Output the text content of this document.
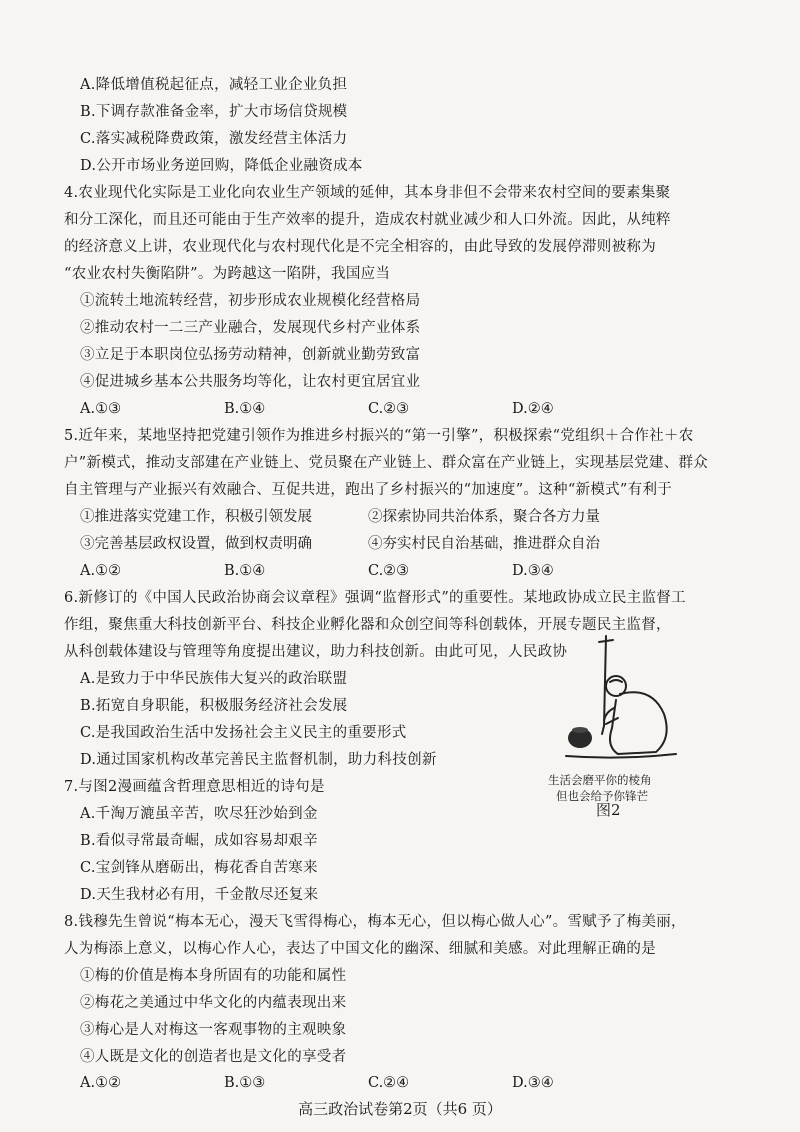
A.降低增值税起征点，减轻工业企业负担
B.下调存款准备金率，扩大市场信贷规模
C.落实减税降费政策，激发经营主体活力
D.公开市场业务逆回购，降低企业融资成本
4.农业现代化实际是工业化向农业生产领域的延伸，其本身非但不会带来农村空间的要素集聚
和分工深化，而且还可能由于生产效率的提升，造成农村就业减少和人口外流。因此，从纯粹
的经济意义上讲，农业现代化与农村现代化是不完全相容的，由此导致的发展停滞则被称为
“农业农村失衡陷阱”。为跨越这一陷阱，我国应当
①流转土地流转经营，初步形成农业规模化经营格局
②推动农村一二三产业融合，发展现代乡村产业体系
③立足于本职岗位弘扬劳动精神，创新就业勤劳致富
④促进城乡基本公共服务均等化，让农村更宜居宜业
A.①③	B.①④	C.②③	D.②④
5.近年来，某地坚持把党建引领作为推进乡村振兴的“第一引擎”，积极探索“党组织＋合作社＋农
户”新模式，推动支部建在产业链上、党员聚在产业链上、群众富在产业链上，实现基层党建、群众
自主管理与产业振兴有效融合、互促共进，跑出了乡村振兴的“加速度”。这种“新模式”有利于
①推进落实党建工作，积极引领发展	②探索协同共治体系，聚合各方力量
③完善基层政权设置，做到权责明确	④夯实村民自治基础，推进群众自治
A.①②	B.①④	C.②③	D.③④
6.新修订的《中国人民政治协商会议章程》强调“监督形式”的重要性。某地政协成立民主监督工
作组，聚焦重大科技创新平台、科技企业孵化器和众创空间等科创载体，开展专题民主监督，
从科创载体建设与管理等角度提出建议，助力科技创新。由此可见，人民政协
A.是致力于中华民族伟大复兴的政治联盟
B.拓宽自身职能，积极服务经济社会发展
C.是我国政治生活中发扬社会主义民主的重要形式
D.通过国家机构改革完善民主监督机制，助力科技创新
生活会磨平你的棱角
但也会给予你锋芒
图2
7.与图2漫画蕴含哲理意思相近的诗句是
A.千淘万漉虽辛苦，吹尽狂沙始到金
B.看似寻常最奇崛，成如容易却艰辛
C.宝剑锋从磨砺出，梅花香自苦寒来
D.天生我材必有用，千金散尽还复来
8.钱穆先生曾说“梅本无心，漫天飞雪得梅心，梅本无心，但以梅心做人心”。雪赋予了梅美丽，
人为梅添上意义，以梅心作人心，表达了中国文化的幽深、细腻和美感。对此理解正确的是
①梅的价值是梅本身所固有的功能和属性
②梅花之美通过中华文化的内蕴表现出来
③梅心是人对梅这一客观事物的主观映象
高三政治试卷第2页（共6 页）
④人既是文化的创造者也是文化的享受者
A.①②	B.①③	C.②④	D.③④
